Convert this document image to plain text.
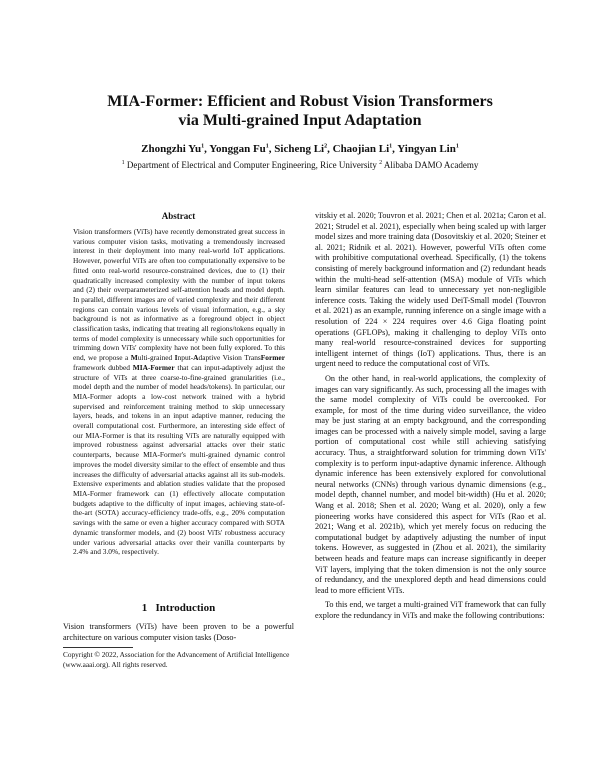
MIA-Former: Efficient and Robust Vision Transformers
via Multi-grained Input Adaptation
Zhongzhi Yu$^1$, Yonggan Fu$^1$, Sicheng Li$^2$, Chaojian Li$^1$, Yingyan Lin$^1$
$^1$ Department of Electrical and Computer Engineering, Rice University $^2$ Alibaba DAMO Academy
Abstract
Vision transformers (ViTs) have recently demonstrated great success in various computer vision tasks, motivating a tremendously increased interest in their deployment into many real-world IoT applications. However, powerful ViTs are often too computationally expensive to be fitted onto real-world resource-constrained devices, due to (1) their quadratically increased complexity with the number of input tokens and (2) their overparameterized self-attention heads and model depth. In parallel, different images are of varied complexity and their different regions can contain various levels of visual information, e.g., a sky background is not as informative as a foreground object in object classification tasks, indicating that treating all regions/tokens equally in terms of model complexity is unnecessary while such opportunities for trimming down ViTs' complexity have not been fully explored. To this end, we propose a Multi-grained Input-Adaptive Vision TransFormer framework dubbed MIA-Former that can input-adaptively adjust the structure of ViTs at three coarse-to-fine-grained granularities (i.e., model depth and the number of model heads/tokens). In particular, our MIA-Former adopts a low-cost network trained with a hybrid supervised and reinforcement training method to skip unnecessary layers, heads, and tokens in an input adaptive manner, reducing the overall computational cost. Furthermore, an interesting side effect of our MIA-Former is that its resulting ViTs are naturally equipped with improved robustness against adversarial attacks over their static counterparts, because MIA-Former's multi-grained dynamic control improves the model diversity similar to the effect of ensemble and thus increases the difficulty of adversarial attacks against all its sub-models. Extensive experiments and ablation studies validate that the proposed MIA-Former framework can (1) effectively allocate computation budgets adaptive to the difficulty of input images, achieving state-of-the-art (SOTA) accuracy-efficiency trade-offs, e.g., 20% computation savings with the same or even a higher accuracy compared with SOTA dynamic transformer models, and (2) boost ViTs' robustness accuracy under various adversarial attacks over their vanilla counterparts by 2.4% and 3.0%, respectively.
1 Introduction
Vision transformers (ViTs) have been proven to be a powerful architecture on various computer vision tasks (Doso-
Copyright © 2022, Association for the Advancement of Artificial Intelligence (www.aaai.org). All rights reserved.

vitskiy et al. 2020; Touvron et al. 2021; Chen et al. 2021a; Caron et al. 2021; Strudel et al. 2021), especially when being scaled up with larger model sizes and more training data (Dosovitskiy et al. 2020; Steiner et al. 2021; Ridnik et al. 2021). However, powerful ViTs often come with prohibitive computational overhead. Specifically, (1) the tokens consisting of merely background information and (2) redundant heads within the multi-head self-attention (MSA) module of ViTs which learn similar features can lead to unnecessary yet non-negligible inference costs. Taking the widely used DeiT-Small model (Touvron et al. 2021) as an example, running inference on a single image with a resolution of 224 × 224 requires over 4.6 Giga floating point operations (GFLOPs), making it challenging to deploy ViTs onto many real-world resource-constrained devices for supporting intelligent internet of things (IoT) applications. Thus, there is an urgent need to reduce the computational cost of ViTs.

On the other hand, in real-world applications, the complexity of images can vary significantly. As such, processing all the images with the same model complexity of ViTs could be overcooked. For example, for most of the time during video surveillance, the video may be just staring at an empty background, and the corresponding images can be processed with a naively simple model, saving a large portion of computational cost while still achieving satisfying accuracy. Thus, a straightforward solution for trimming down ViTs' complexity is to perform input-adaptive dynamic inference. Although dynamic inference has been extensively explored for convolutional neural networks (CNNs) through various dynamic dimensions (e.g., model depth, channel number, and model bit-width) (Hu et al. 2020; Wang et al. 2018; Shen et al. 2020; Wang et al. 2020), only a few pioneering works have considered this aspect for ViTs (Rao et al. 2021; Wang et al. 2021b), which yet merely focus on reducing the computational budget by adaptively adjusting the number of input tokens. However, as suggested in (Zhou et al. 2021), the similarity between heads and feature maps can increase significantly in deeper ViT layers, implying that the token dimension is not the only source of redundancy, and the unexplored depth and head dimensions could lead to more efficient ViTs.

To this end, we target a multi-grained ViT framework that can fully explore the redundancy in ViTs and make the following contributions:
